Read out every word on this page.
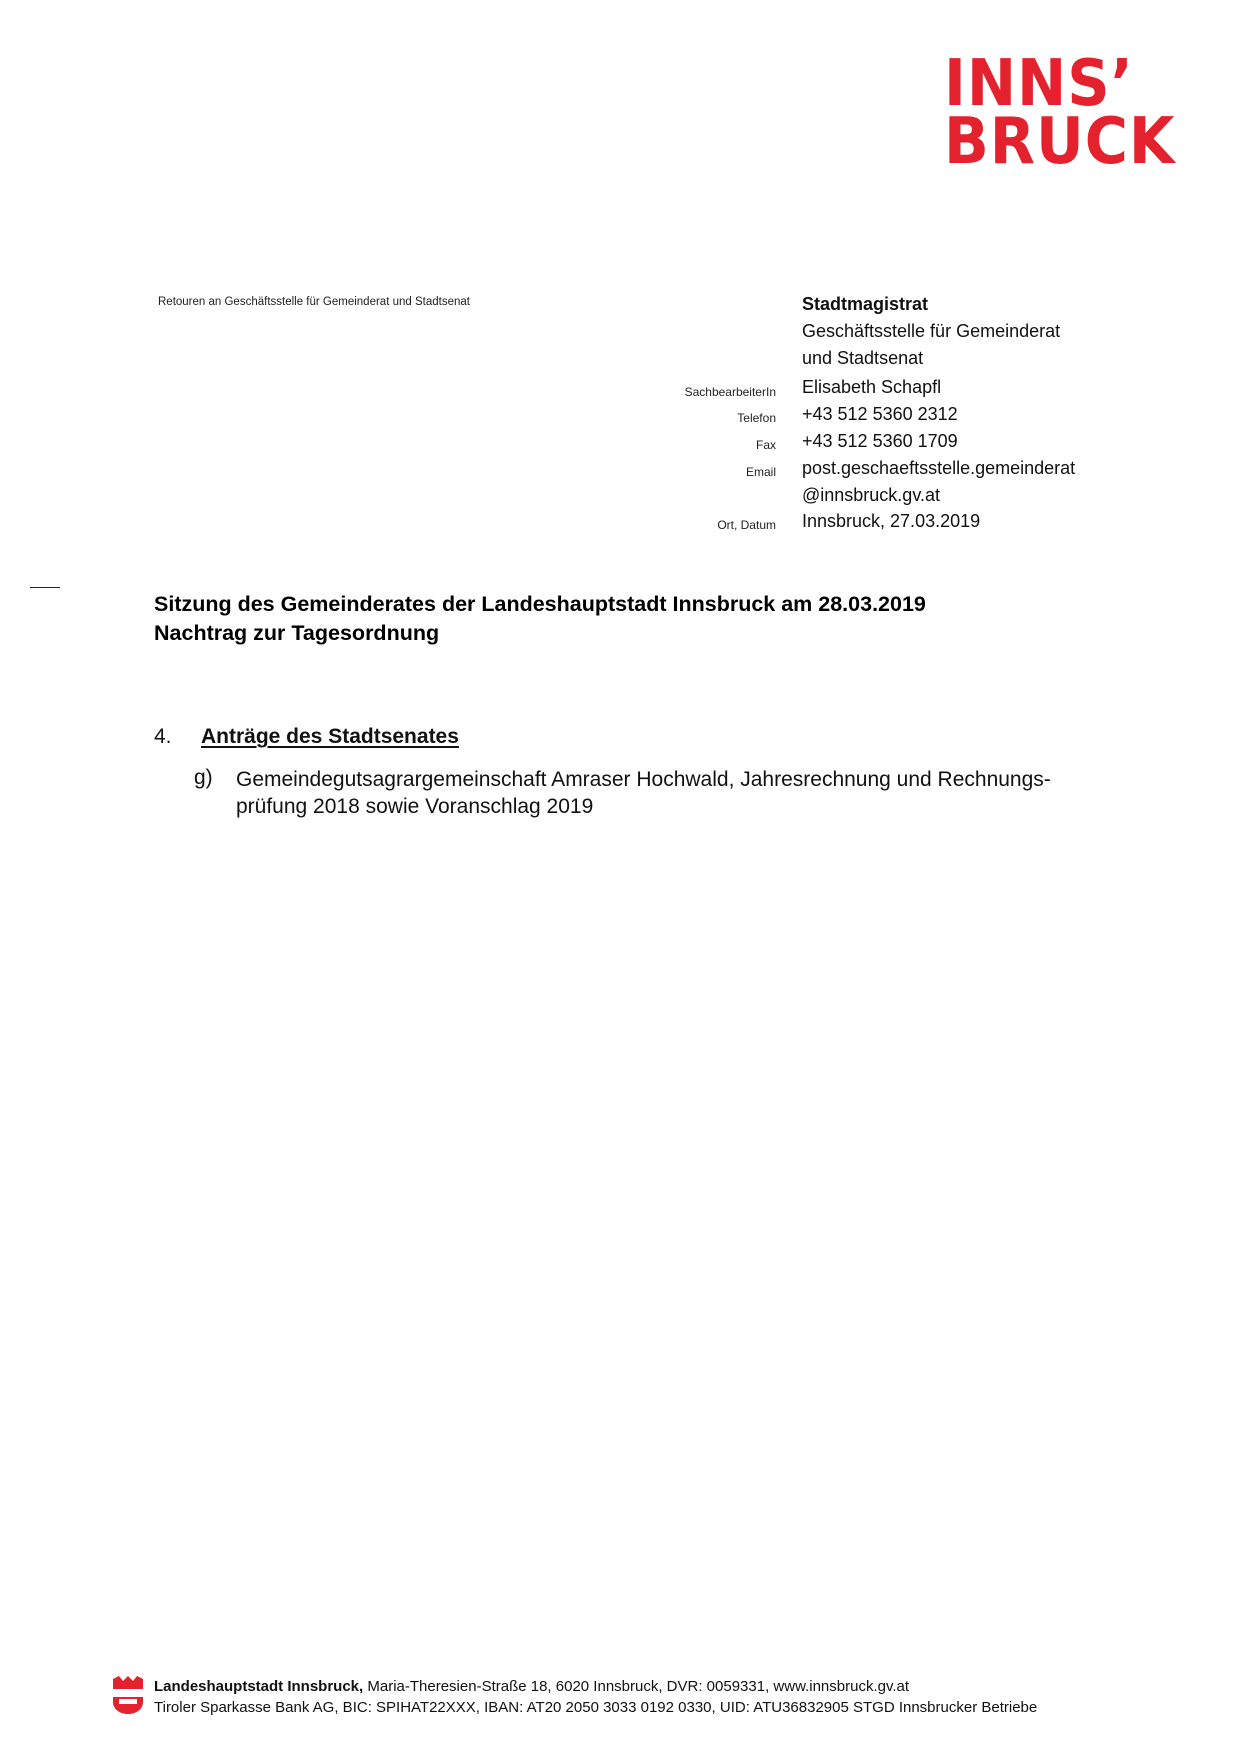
INNS’
BRUCK
Retouren an Geschäftsstelle für Gemeinderat und Stadtsenat	Stadtmagistrat
Geschäftsstelle für Gemeinderat
und Stadtsenat
SachbearbeiterIn Elisabeth Schapfl
Telefon +43 512 5360 2312
Fax +43 512 5360 1709
Email post.geschaeftsstelle.gemeinderat
@innsbruck.gv.at
Ort, Datum Innsbruck, 27.03.2019
Sitzung des Gemeinderates der Landeshauptstadt Innsbruck am 28.03.2019
Nachtrag zur Tagesordnung
4. Anträge des Stadtsenates
g) Gemeindegutsagrargemeinschaft Amraser Hochwald, Jahresrechnung und Rechnungs-
prüfung 2018 sowie Voranschlag 2019
Landeshauptstadt Innsbruck, Maria-Theresien-Straße 18, 6020 Innsbruck, DVR: 0059331, www.innsbruck.gv.at
Tiroler Sparkasse Bank AG, BIC: SPIHAT22XXX, IBAN: AT20 2050 3033 0192 0330, UID: ATU36832905 STGD Innsbrucker Betriebe
